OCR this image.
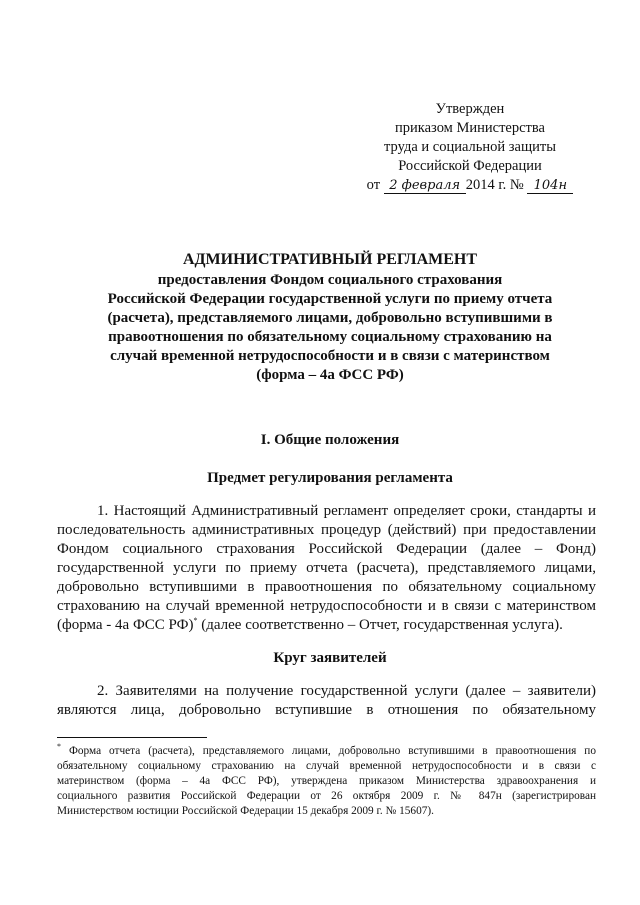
Утвержден
приказом Министерства
труда и социальной защиты
Российской Федерации
от 2 февраля 2014 г. № 104н
АДМИНИСТРАТИВНЫЙ РЕГЛАМЕНТ
предоставления Фондом социального страхования
Российской Федерации государственной услуги по приему отчета
(расчета), представляемого лицами, добровольно вступившими в
правоотношения по обязательному социальному страхованию на
случай временной нетрудоспособности и в связи с материнством
(форма – 4а ФСС РФ)
I. Общие положения
Предмет регулирования регламента
1. Настоящий Административный регламент определяет сроки, стандарты и
последовательность административных процедур (действий) при предоставлении
Фондом социального страхования Российской Федерации (далее – Фонд)
государственной услуги по приему отчета (расчета), представляемого лицами,
добровольно вступившими в правоотношения по обязательному социальному
страхованию на случай временной нетрудоспособности и в связи с материнством
(форма - 4а ФСС РФ)* (далее соответственно – Отчет, государственная услуга).
Круг заявителей
2. Заявителями на получение государственной услуги (далее – заявители)
являются лица, добровольно вступившие в отношения по обязательному
* Форма отчета (расчета), представляемого лицами, добровольно вступившими в правоотношения по
обязательному социальному страхованию на случай временной нетрудоспособности и в связи с
материнством (форма – 4а ФСС РФ), утверждена приказом Министерства здравоохранения и
социального развития Российской Федерации от 26 октября 2009 г. № 847н (зарегистрирован
Министерством юстиции Российской Федерации 15 декабря 2009 г. № 15607).
